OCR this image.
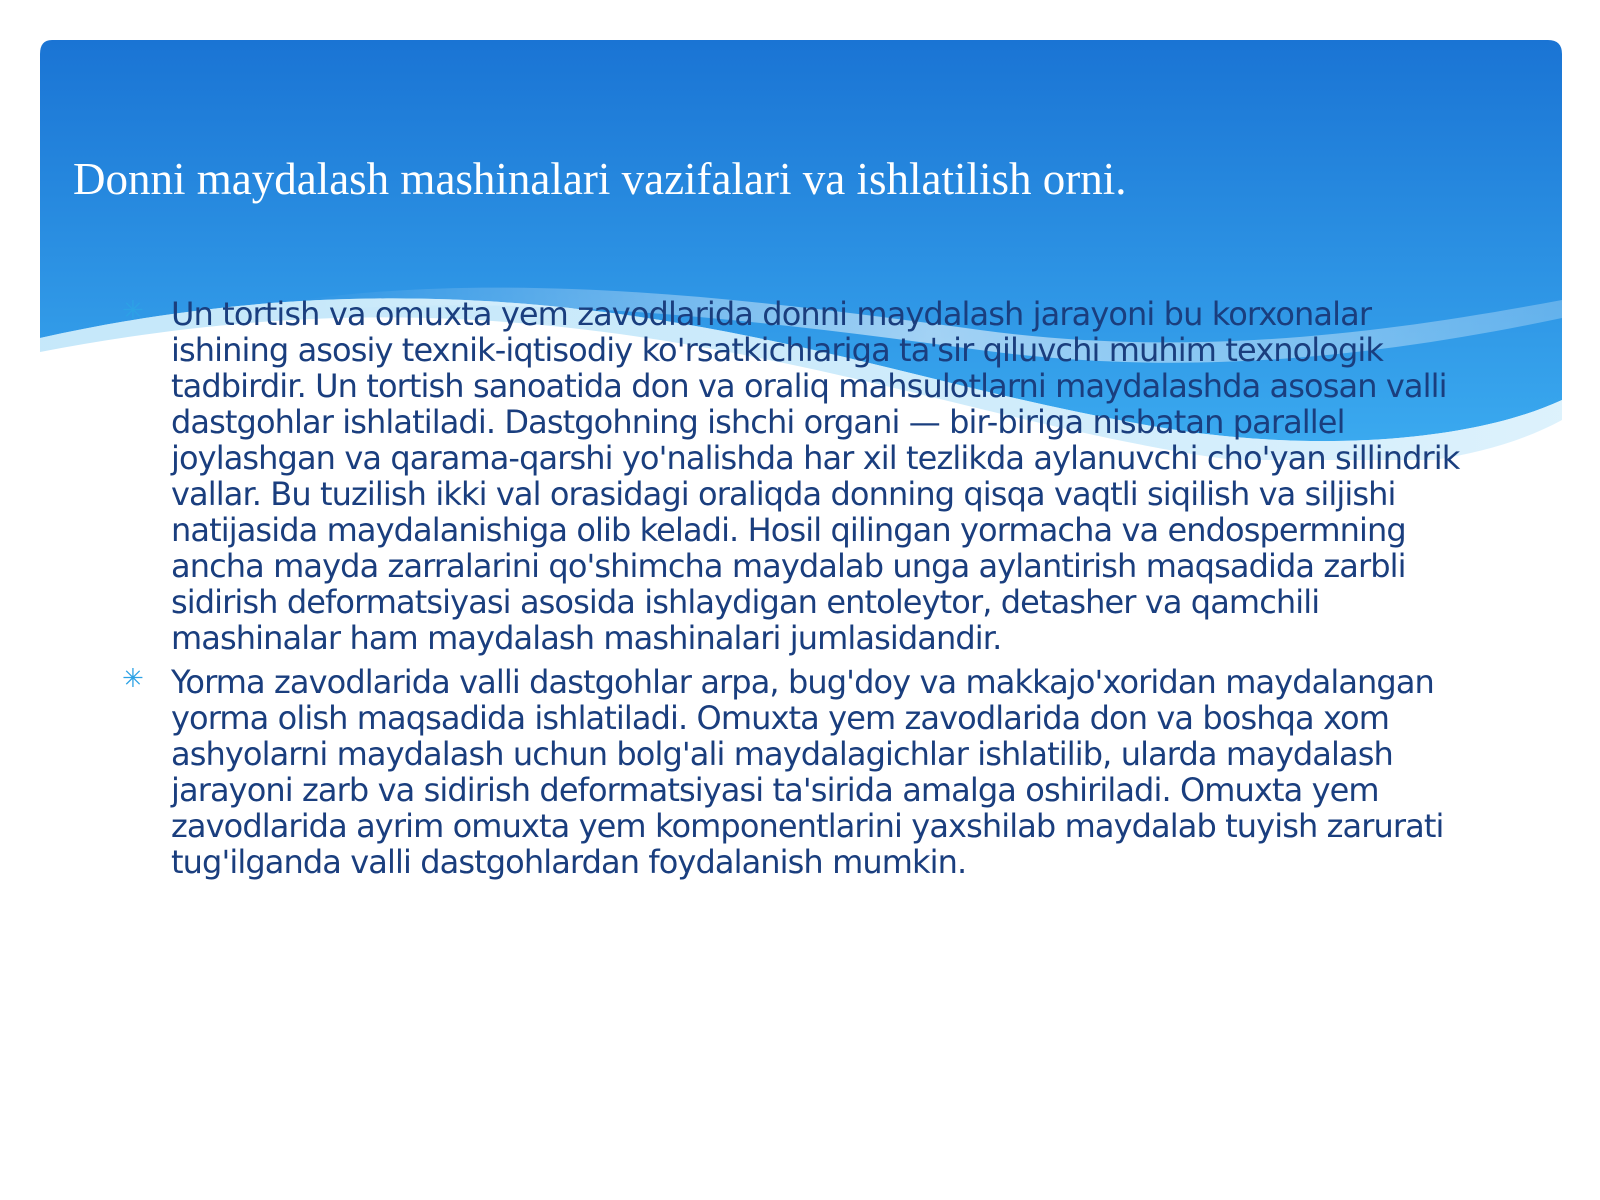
Donni maydalash mashinalari vazifalari va ishlatilish orni.
✳ Un tortish va omuxta yem zavodlarida donni maydalash jarayoni bu korxonalar ishining asosiy texnik-iqtisodiy ko'rsatkichlariga ta'sir qiluvchi muhim texnologik tadbirdir. Un tortish sanoatida don va oraliq mahsulotlarni maydalashda asosan valli dastgohlar ishlatiladi. Dastgohning ishchi organi — bir-biriga nisbatan parallel joylashgan va qarama-qarshi yo'nalishda har xil tezlikda aylanuvchi cho'yan sillindrik vallar. Bu tuzilish ikki val orasidagi oraliqda donning qisqa vaqtli siqilish va siljishi natijasida maydalanishiga olib keladi. Hosil qilingan yormacha va endospermning ancha mayda zarralarini qo'shimcha maydalab unga aylantirish maqsadida zarbli sidirish deformatsiyasi asosida ishlaydigan entoleytor, detasher va qamchili mashinalar ham maydalash mashinalari jumlasidandir.
✳ Yorma zavodlarida valli dastgohlar arpa, bug'doy va makkajo'xoridan maydalangan yorma olish maqsadida ishlatiladi. Omuxta yem zavodlarida don va boshqa xom ashyolarni maydalash uchun bolg'ali maydalagichlar ishlatilib, ularda maydalash jarayoni zarb va sidirish deformatsiyasi ta'sirida amalga oshiriladi. Omuxta yem zavodlarida ayrim omuxta yem komponentlarini yaxshilab maydalab tuyish zarurati tug'ilganda valli dastgohlardan foydalanish mumkin.
